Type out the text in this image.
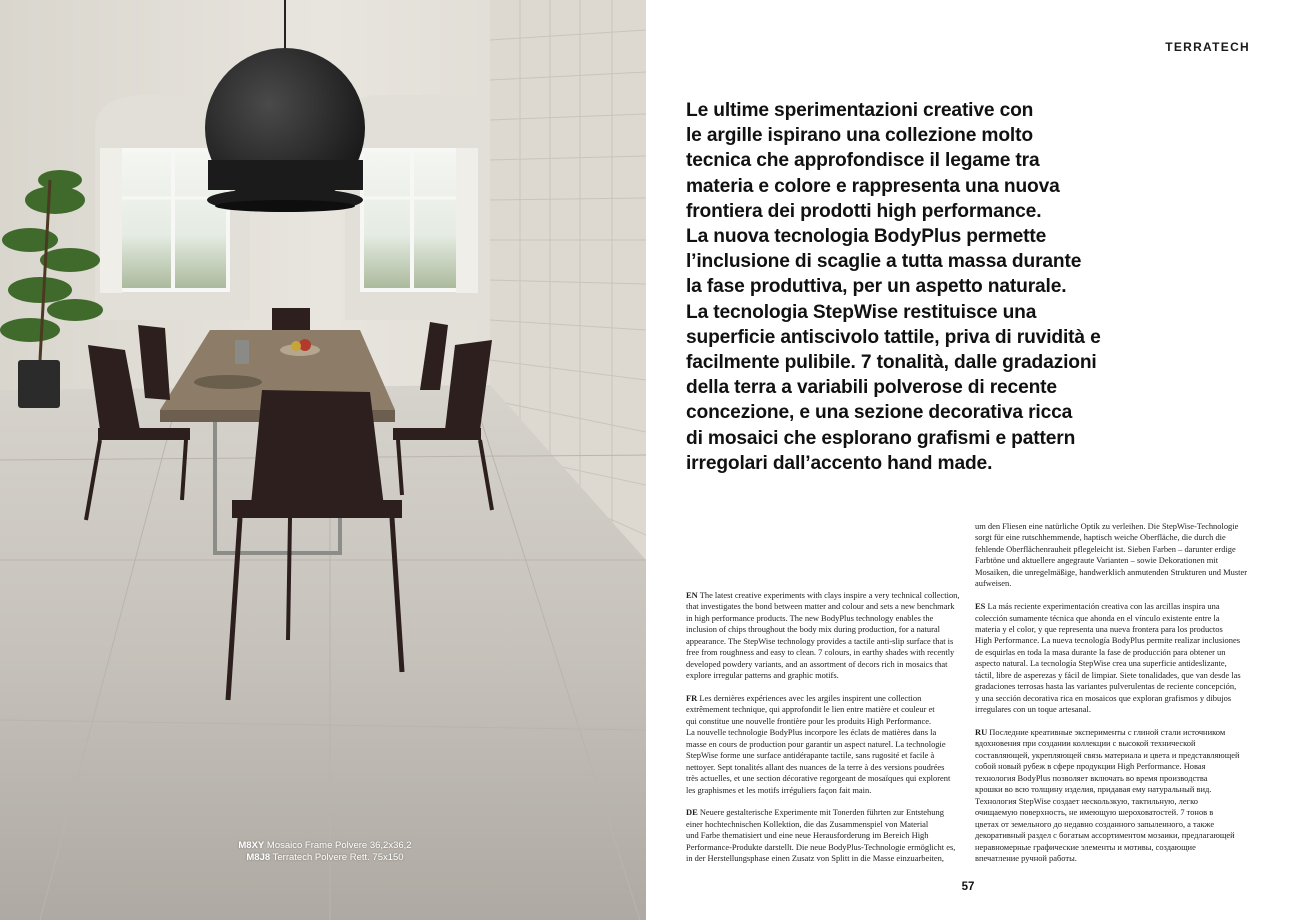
M8XY Mosaico Frame Polvere 36,2x36,2
M8J8 Terratech Polvere Rett. 75x150
TERRATECH
Le ultime sperimentazioni creative con
le argille ispirano una collezione molto
tecnica che approfondisce il legame tra
materia e colore e rappresenta una nuova
frontiera dei prodotti high performance.
La nuova tecnologia BodyPlus permette
l’inclusione di scaglie a tutta massa durante
la fase produttiva, per un aspetto naturale.
La tecnologia StepWise restituisce una
superficie antiscivolo tattile, priva di ruvidità e
facilmente pulibile. 7 tonalità, dalle gradazioni
della terra a variabili polverose di recente
concezione, e una sezione decorativa ricca
di mosaici che esplorano grafismi e pattern
irregolari dall’accento hand made.

EN The latest creative experiments with clays inspire a very technical collection,
that investigates the bond between matter and colour and sets a new benchmark
in high performance products. The new BodyPlus technology enables the
inclusion of chips throughout the body mix during production, for a natural
appearance. The StepWise technology provides a tactile anti-slip surface that is
free from roughness and easy to clean. 7 colours, in earthy shades with recently
developed powdery variants, and an assortment of decors rich in mosaics that
explore irregular patterns and graphic motifs.

FR Les dernières expériences avec les argiles inspirent une collection
extrêmement technique, qui approfondit le lien entre matière et couleur et
qui constitue une nouvelle frontière pour les produits High Performance.
La nouvelle technologie BodyPlus incorpore les éclats de matières dans la
masse en cours de production pour garantir un aspect naturel. La technologie
StepWise forme une surface antidérapante tactile, sans rugosité et facile à
nettoyer. Sept tonalités allant des nuances de la terre à des versions poudrées
très actuelles, et une section décorative regorgeant de mosaïques qui explorent
les graphismes et les motifs irréguliers façon fait main.

DE Neuere gestalterische Experimente mit Tonerden führten zur Entstehung
einer hochtechnischen Kollektion, die das Zusammenspiel von Material
und Farbe thematisiert und eine neue Herausforderung im Bereich High
Performance-Produkte darstellt. Die neue BodyPlus-Technologie ermöglicht es,
in der Herstellungsphase einen Zusatz von Splitt in die Masse einzuarbeiten,

um den Fliesen eine natürliche Optik zu verleihen. Die StepWise-Technologie
sorgt für eine rutschhemmende, haptisch weiche Oberfläche, die durch die
fehlende Oberflächenrauheit pflegeleicht ist. Sieben Farben – darunter erdige
Farbtöne und aktuellere angegraute Varianten – sowie Dekorationen mit
Mosaiken, die unregelmäßige, handwerklich anmutenden Strukturen und Muster
aufweisen.

ES La más reciente experimentación creativa con las arcillas inspira una
colección sumamente técnica que ahonda en el vínculo existente entre la
materia y el color, y que representa una nueva frontera para los productos
High Performance. La nueva tecnología BodyPlus permite realizar inclusiones
de esquirlas en toda la masa durante la fase de producción para obtener un
aspecto natural. La tecnología StepWise crea una superficie antideslizante,
táctil, libre de asperezas y fácil de limpiar. Siete tonalidades, que van desde las
gradaciones terrosas hasta las variantes pulverulentas de reciente concepción,
y una sección decorativa rica en mosaicos que exploran grafismos y dibujos
irregulares con un toque artesanal.

RU Последние креативные эксперименты с глиной стали источником
вдохновения при создании коллекции с высокой технической
составляющей, укрепляющей связь материала и цвета и представляющей
собой новый рубеж в сфере продукции High Performance. Новая
технология BodyPlus позволяет включать во время производства
крошки во всю толщину изделия, придавая ему натуральный вид.
Технология StepWise создает нескользкую, тактильную, легко
очищаемую поверхность, не имеющую шероховатостей. 7 тонов в
цветах от земельного до недавно созданного запыленного, а также
декоративный раздел с богатым ассортиментом мозаики, предлагающей
неравномерные графические элементы и мотивы, создающие
впечатление ручной работы.

57
